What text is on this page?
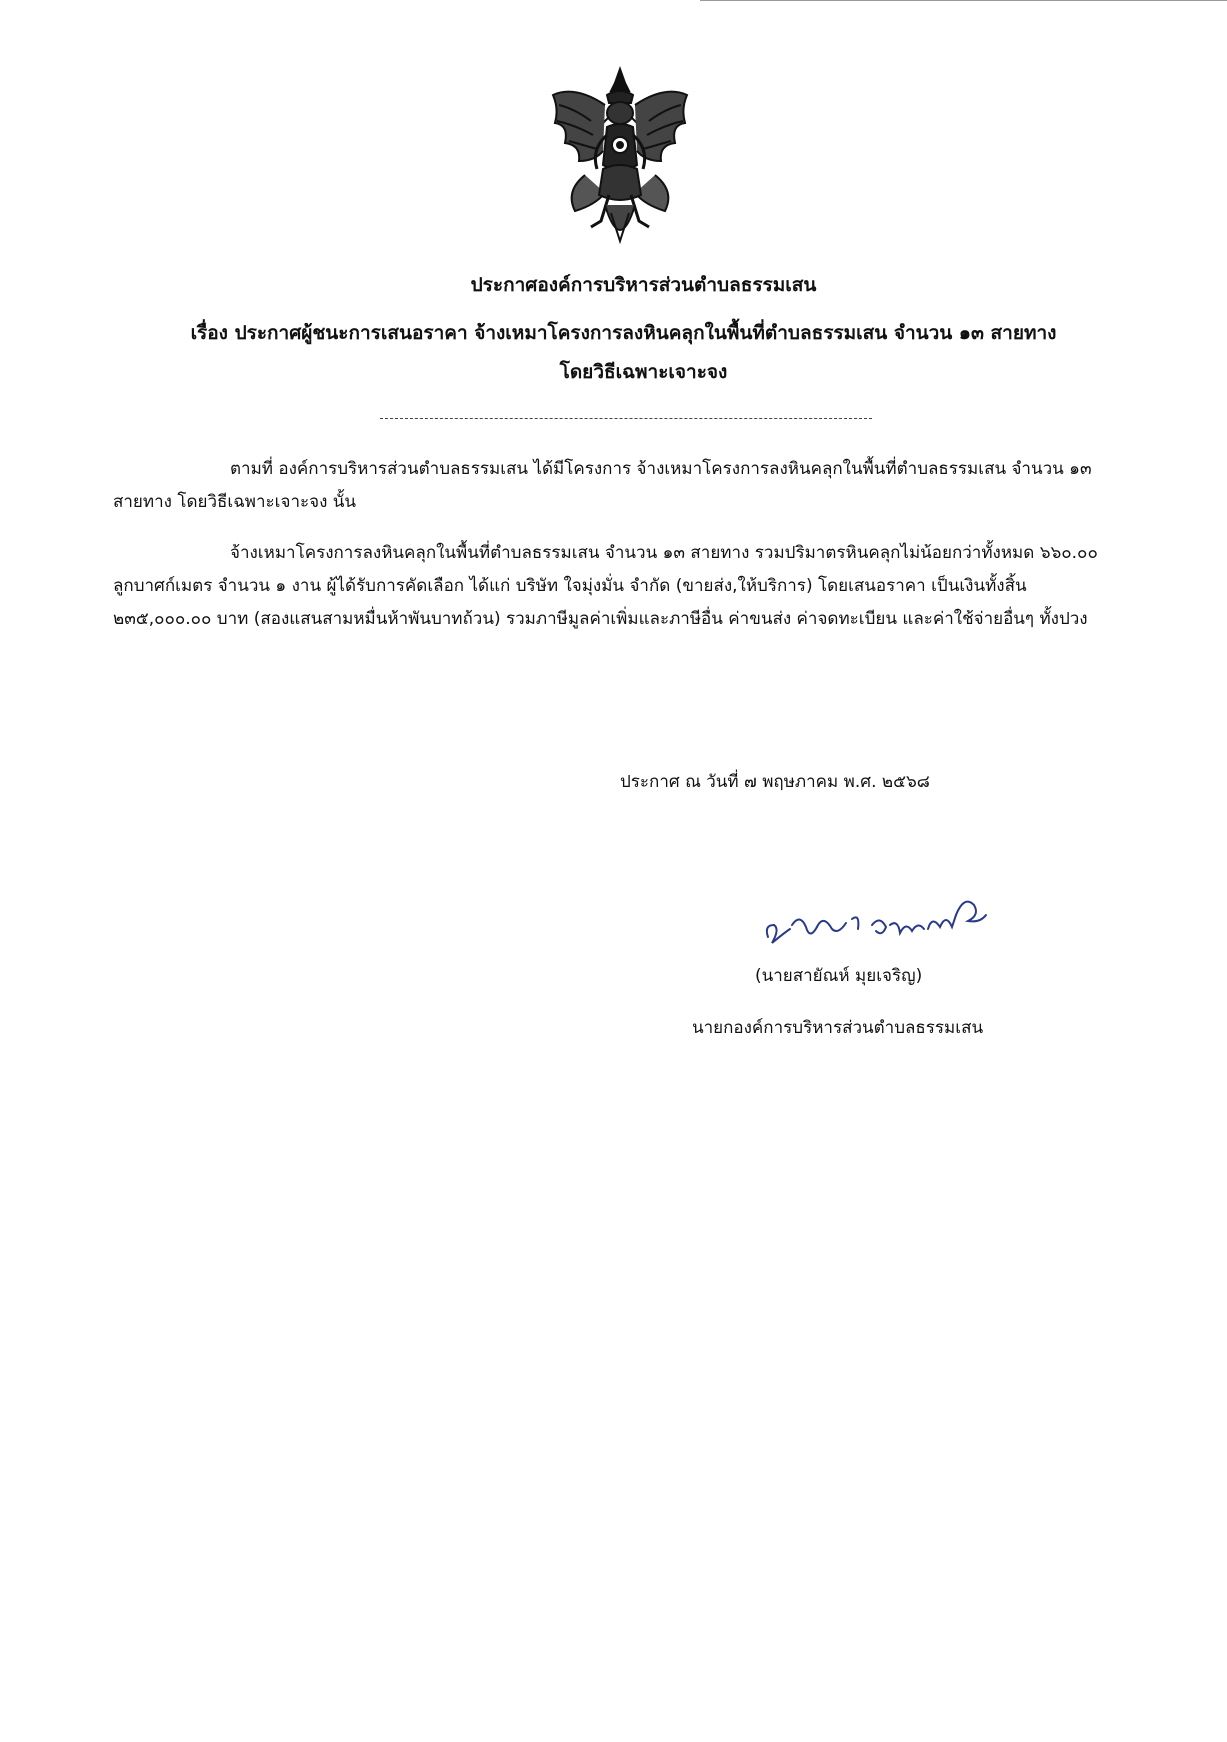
ประกาศองค์การบริหารส่วนตำบลธรรมเสน
เรื่อง ประกาศผู้ชนะการเสนอราคา จ้างเหมาโครงการลงหินคลุกในพื้นที่ตำบลธรรมเสน จำนวน ๑๓ สายทาง
โดยวิธีเฉพาะเจาะจง
ตามที่ องค์การบริหารส่วนตำบลธรรมเสน ได้มีโครงการ จ้างเหมาโครงการลงหินคลุกในพื้นที่ตำบลธรรมเสน จำนวน ๑๓ สายทาง โดยวิธีเฉพาะเจาะจง นั้น
จ้างเหมาโครงการลงหินคลุกในพื้นที่ตำบลธรรมเสน จำนวน ๑๓ สายทาง รวมปริมาตรหินคลุกไม่น้อยกว่าทั้งหมด ๖๖๐.๐๐ ลูกบาศก์เมตร จำนวน ๑ งาน ผู้ได้รับการคัดเลือก ได้แก่ บริษัท ใจมุ่งมั่น จำกัด (ขายส่ง,ให้บริการ) โดยเสนอราคา เป็นเงินทั้งสิ้น ๒๓๕,๐๐๐.๐๐ บาท (สองแสนสามหมื่นห้าพันบาทถ้วน) รวมภาษีมูลค่าเพิ่มและภาษีอื่น ค่าขนส่ง ค่าจดทะเบียน และค่าใช้จ่ายอื่นๆ ทั้งปวง
ประกาศ ณ วันที่ ๗ พฤษภาคม พ.ศ. ๒๕๖๘
(นายสายัณห์ มุยเจริญ)
นายกองค์การบริหารส่วนตำบลธรรมเสน
